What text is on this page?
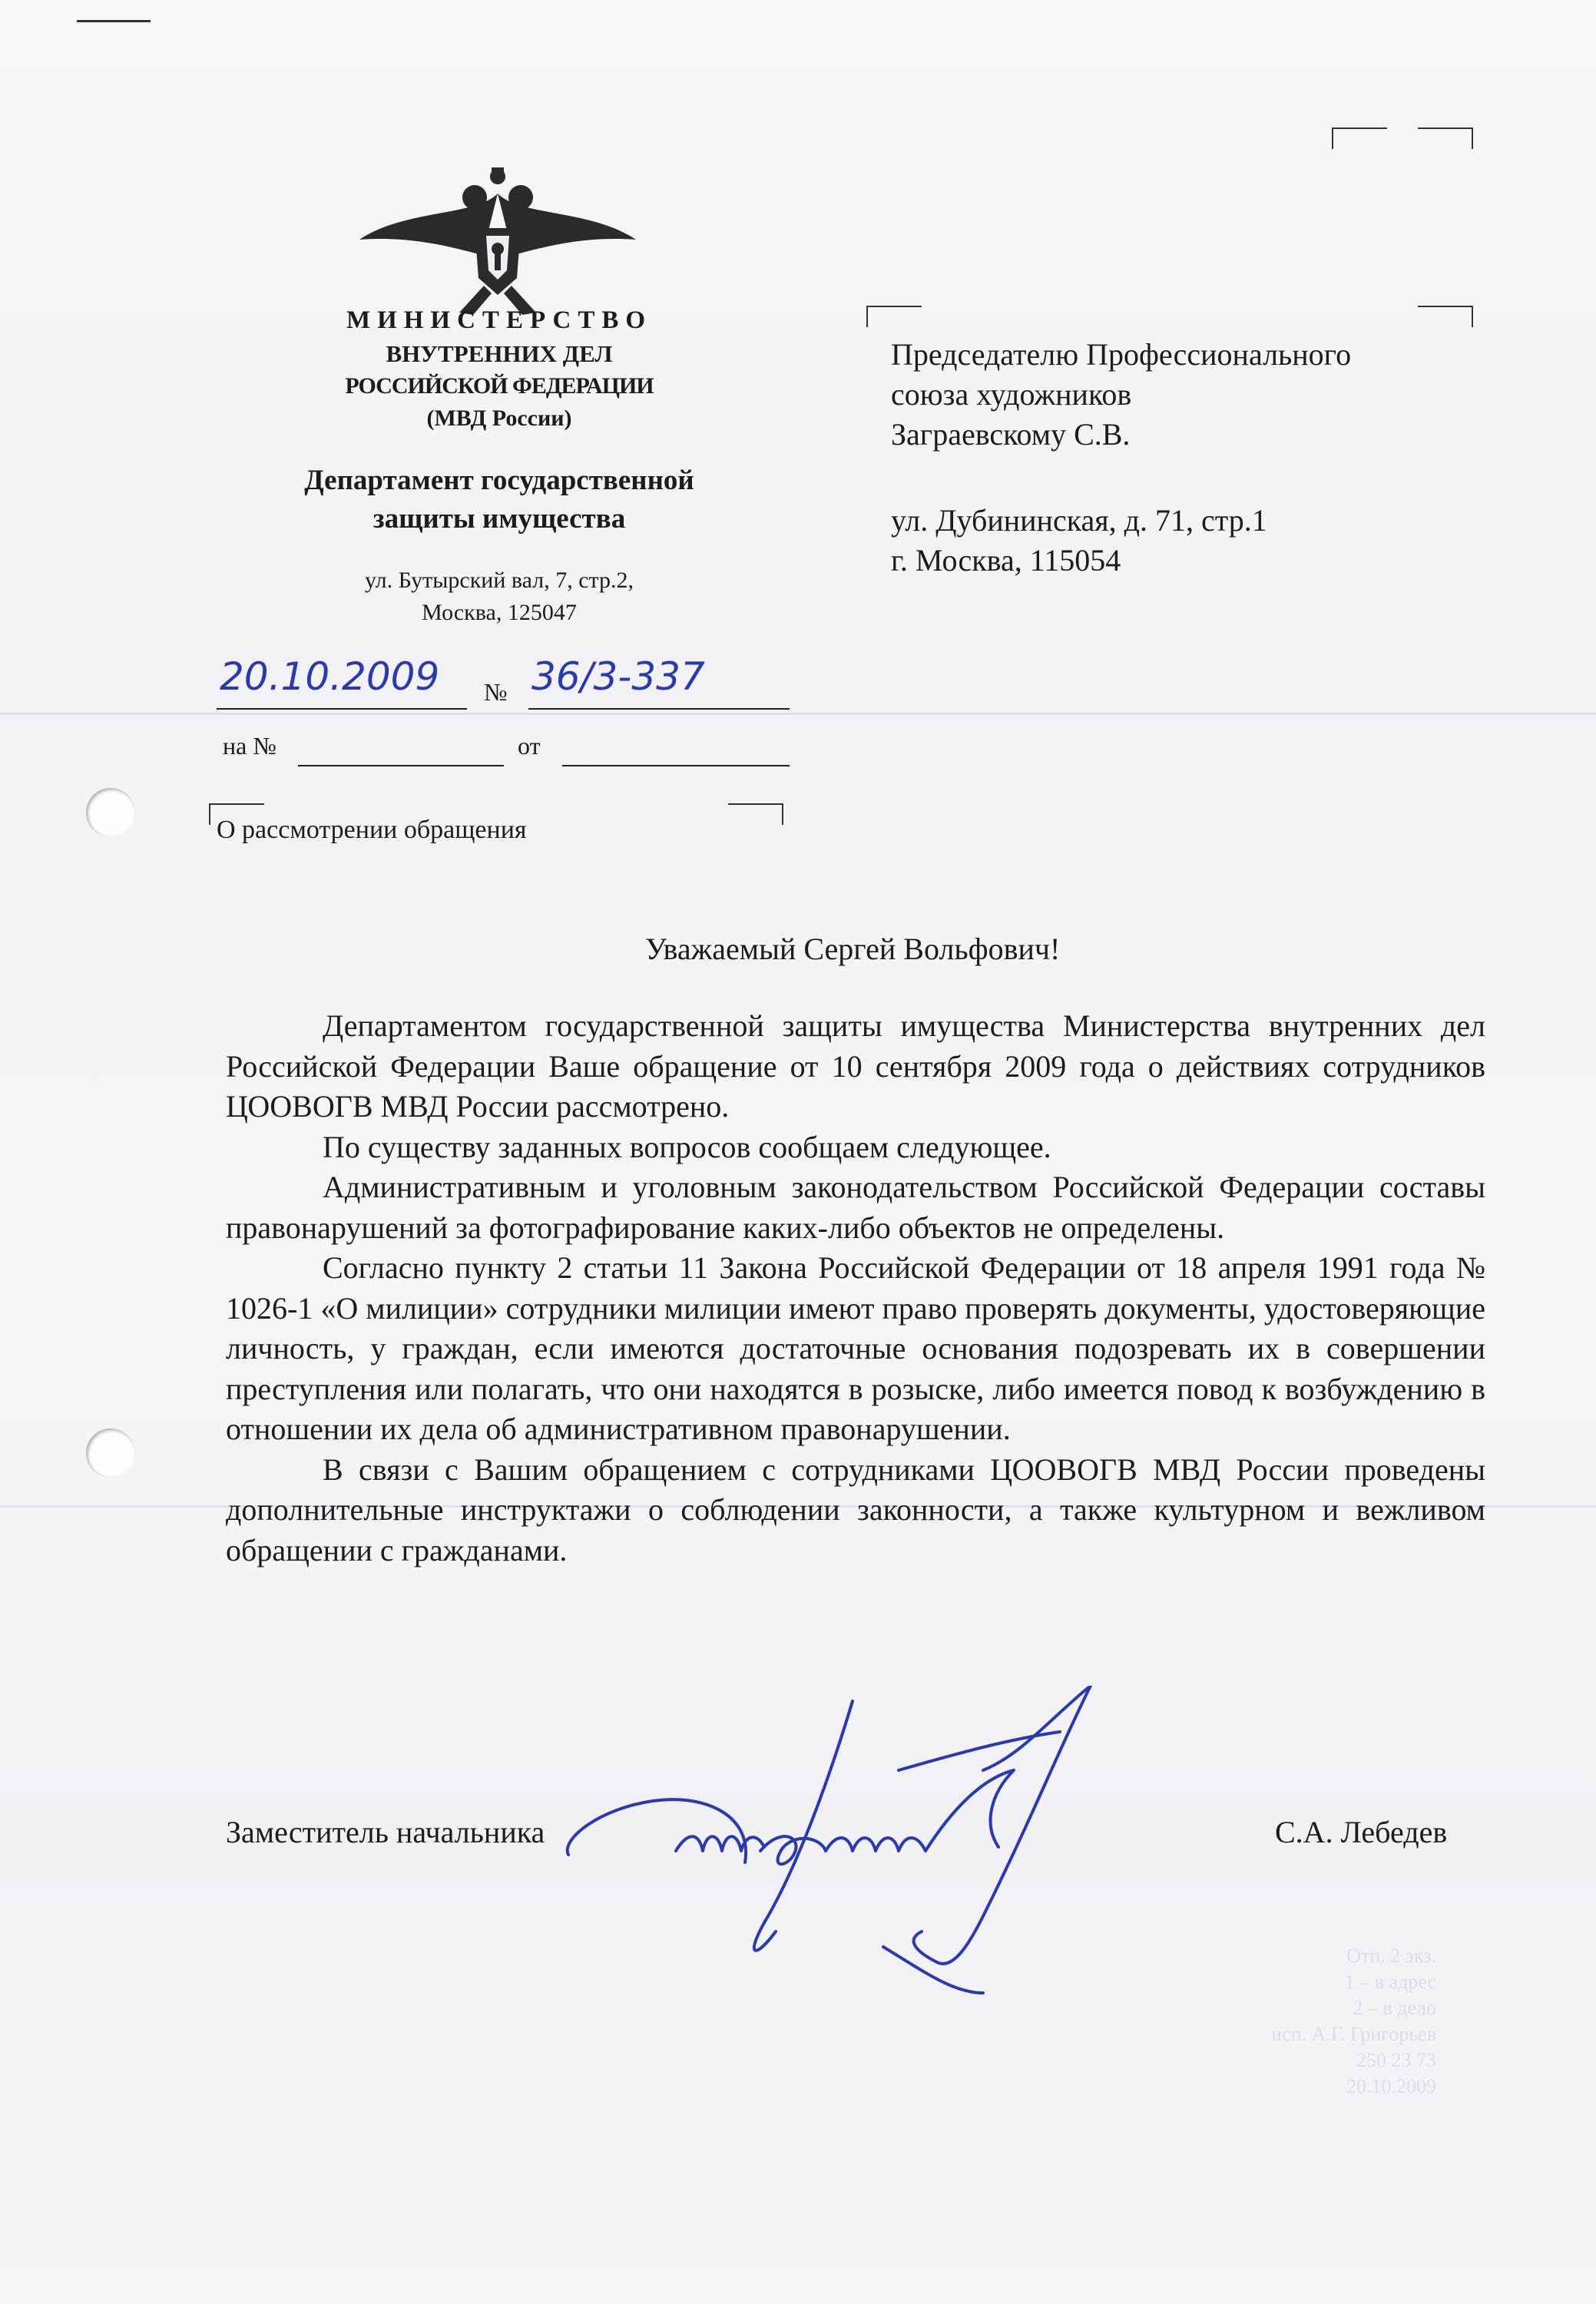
МИНИСТЕРСТВО
ВНУТРЕННИХ ДЕЛ
РОССИЙСКОЙ ФЕДЕРАЦИИ
(МВД России)
Департамент государственной
защиты имущества
ул. Бутырский вал, 7, стр.2,
Москва, 125047
20.10.2009 № 36/3-337
на №	от
Председателю Профессионального
союза художников
Заграевскому С.В.
ул. Дубининская, д. 71, стр.1
г. Москва, 115054
О рассмотрении обращения
Уважаемый Сергей Вольфович!

Департаментом государственной защиты имущества Министерства внутренних дел Российской Федерации Ваше обращение от 10 сентября 2009 года о действиях сотрудников ЦООВОГВ МВД России рассмотрено.

По существу заданных вопросов сообщаем следующее.

Административным и уголовным законодательством Российской Федерации составы правонарушений за фотографирование каких-либо объектов не определены.

Согласно пункту 2 статьи 11 Закона Российской Федерации от 18 апреля 1991 года № 1026-1 «О милиции» сотрудники милиции имеют право проверять документы, удостоверяющие личность, у граждан, если имеются достаточные основания подозревать их в совершении преступления или полагать, что они находятся в розыске, либо имеется повод к возбуждению в отношении их дела об административном правонарушении.

В связи с Вашим обращением с сотрудниками ЦООВОГВ МВД России проведены дополнительные инструктажи о соблюдении законности, а также культурном и вежливом обращении с гражданами.

Заместитель начальника	С.А. Лебедев
Отп. 2 экз.
1 – в адрес
2 – в дело
исп. А.Г. Григорьев
250 23 73
20.10.2009
